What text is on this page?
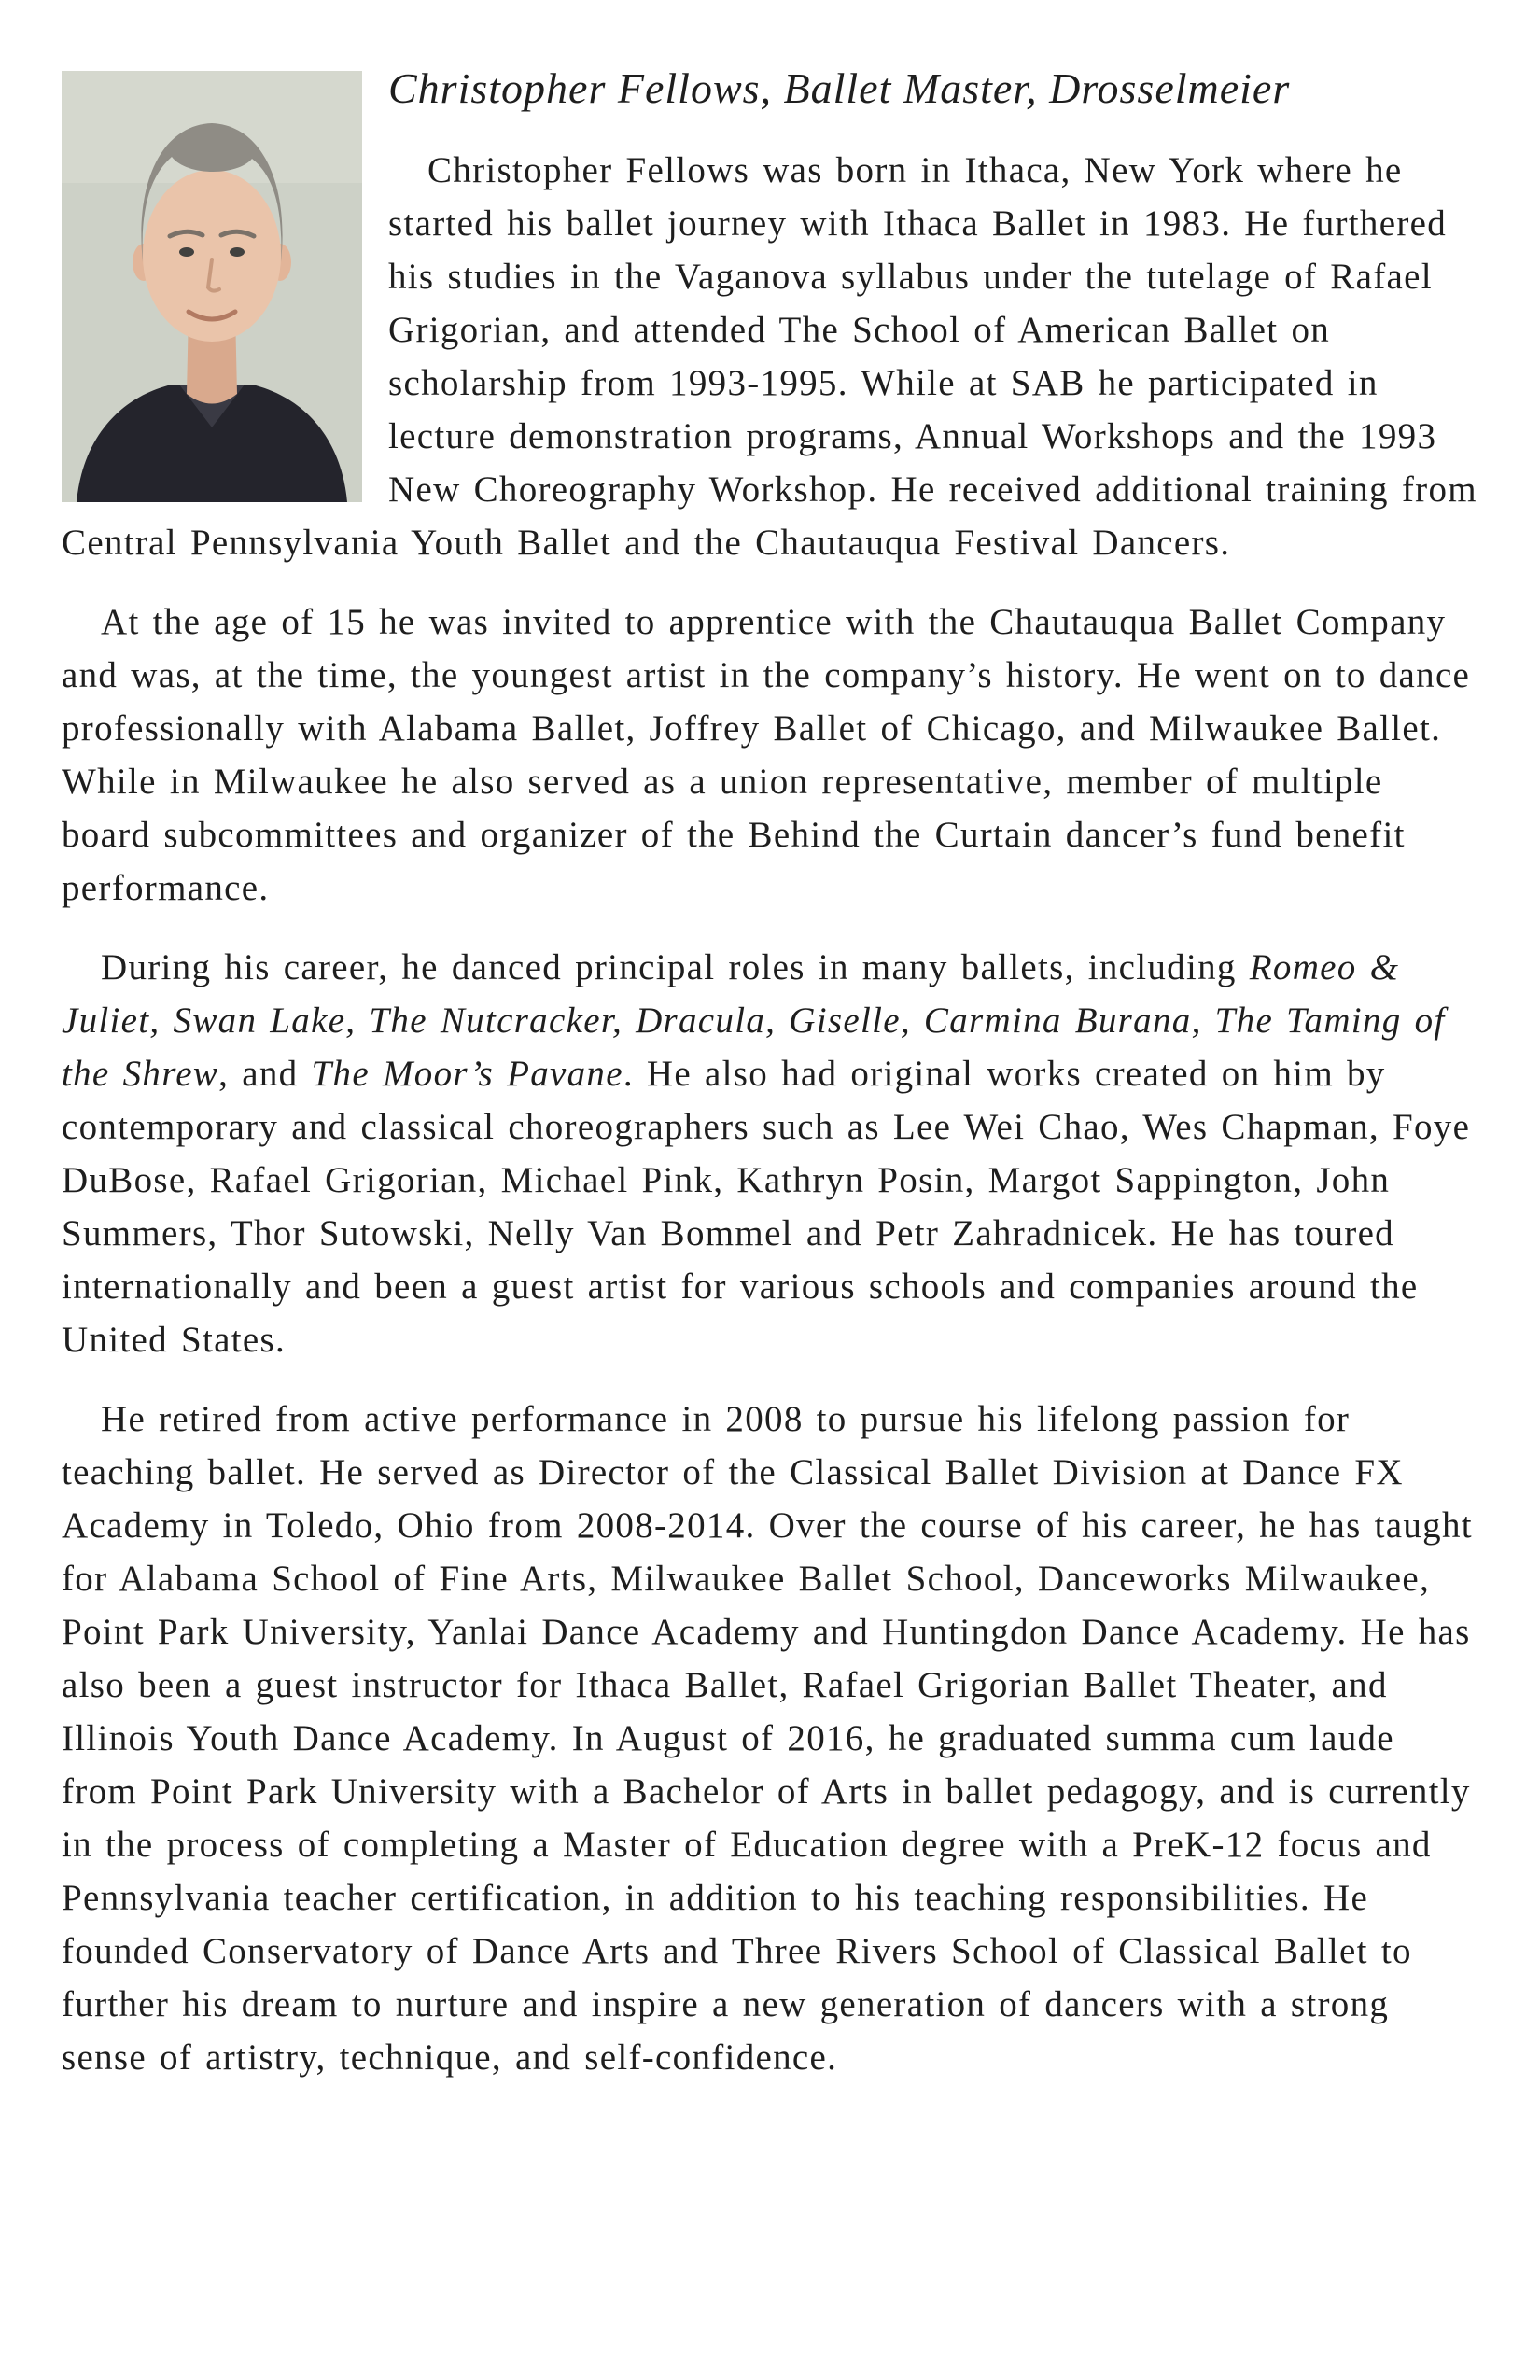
Christopher Fellows, Ballet Master, Drosselmeier

Christopher Fellows was born in Ithaca, New York where he started his ballet journey with Ithaca Ballet in 1983. He furthered his studies in the Vaganova syllabus under the tutelage of Rafael Grigorian, and attended The School of American Ballet on scholarship from 1993-1995. While at SAB he participated in lecture demonstration programs, Annual Workshops and the 1993 New Choreography Workshop. He received additional training from Central Pennsylvania Youth Ballet and the Chautauqua Festival Dancers.

At the age of 15 he was invited to apprentice with the Chautauqua Ballet Company and was, at the time, the youngest artist in the company’s history. He went on to dance professionally with Alabama Ballet, Joffrey Ballet of Chicago, and Milwaukee Ballet. While in Milwaukee he also served as a union representative, member of multiple board subcommittees and organizer of the Behind the Curtain dancer’s fund benefit performance.

During his career, he danced principal roles in many ballets, including Romeo & Juliet, Swan Lake, The Nutcracker, Dracula, Giselle, Carmina Burana, The Taming of the Shrew, and The Moor’s Pavane. He also had original works created on him by contemporary and classical choreographers such as Lee Wei Chao, Wes Chapman, Foye DuBose, Rafael Grigorian, Michael Pink, Kathryn Posin, Margot Sappington, John Summers, Thor Sutowski, Nelly Van Bommel and Petr Zahradnicek. He has toured internationally and been a guest artist for various schools and companies around the United States.

He retired from active performance in 2008 to pursue his lifelong passion for teaching ballet. He served as Director of the Classical Ballet Division at Dance FX Academy in Toledo, Ohio from 2008-2014. Over the course of his career, he has taught for Alabama School of Fine Arts, Milwaukee Ballet School, Danceworks Milwaukee, Point Park University, Yanlai Dance Academy and Huntingdon Dance Academy. He has also been a guest instructor for Ithaca Ballet, Rafael Grigorian Ballet Theater, and Illinois Youth Dance Academy. In August of 2016, he graduated summa cum laude from Point Park University with a Bachelor of Arts in ballet pedagogy, and is currently in the process of completing a Master of Education degree with a PreK-12 focus and Pennsylvania teacher certification, in addition to his teaching responsibilities. He founded Conservatory of Dance Arts and Three Rivers School of Classical Ballet to further his dream to nurture and inspire a new generation of dancers with a strong sense of artistry, technique, and self-confidence.
